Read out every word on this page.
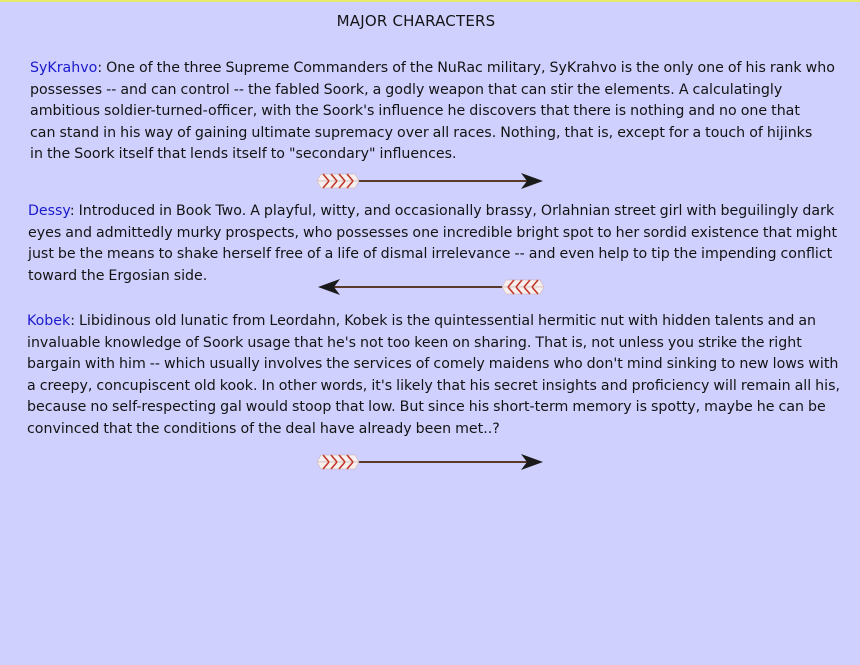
MAJOR CHARACTERS
SyKrahvo: One of the three Supreme Commanders of the NuRac military, SyKrahvo is the only one of his rank who
possesses -- and can control -- the fabled Soork, a godly weapon that can stir the elements. A calculatingly
ambitious soldier-turned-officer, with the Soork's influence he discovers that there is nothing and no one that
can stand in his way of gaining ultimate supremacy over all races. Nothing, that is, except for a touch of hijinks
in the Soork itself that lends itself to "secondary" influences.
Dessy: Introduced in Book Two. A playful, witty, and occasionally brassy, Orlahnian street girl with beguilingly dark
eyes and admittedly murky prospects, who possesses one incredible bright spot to her sordid existence that might
just be the means to shake herself free of a life of dismal irrelevance -- and even help to tip the impending conflict
toward the Ergosian side.
Kobek: Libidinous old lunatic from Leordahn, Kobek is the quintessential hermitic nut with hidden talents and an
invaluable knowledge of Soork usage that he's not too keen on sharing. That is, not unless you strike the right
bargain with him -- which usually involves the services of comely maidens who don't mind sinking to new lows with
a creepy, concupiscent old kook. In other words, it's likely that his secret insights and proficiency will remain all his,
because no self-respecting gal would stoop that low. But since his short-term memory is spotty, maybe he can be
convinced that the conditions of the deal have already been met..?
